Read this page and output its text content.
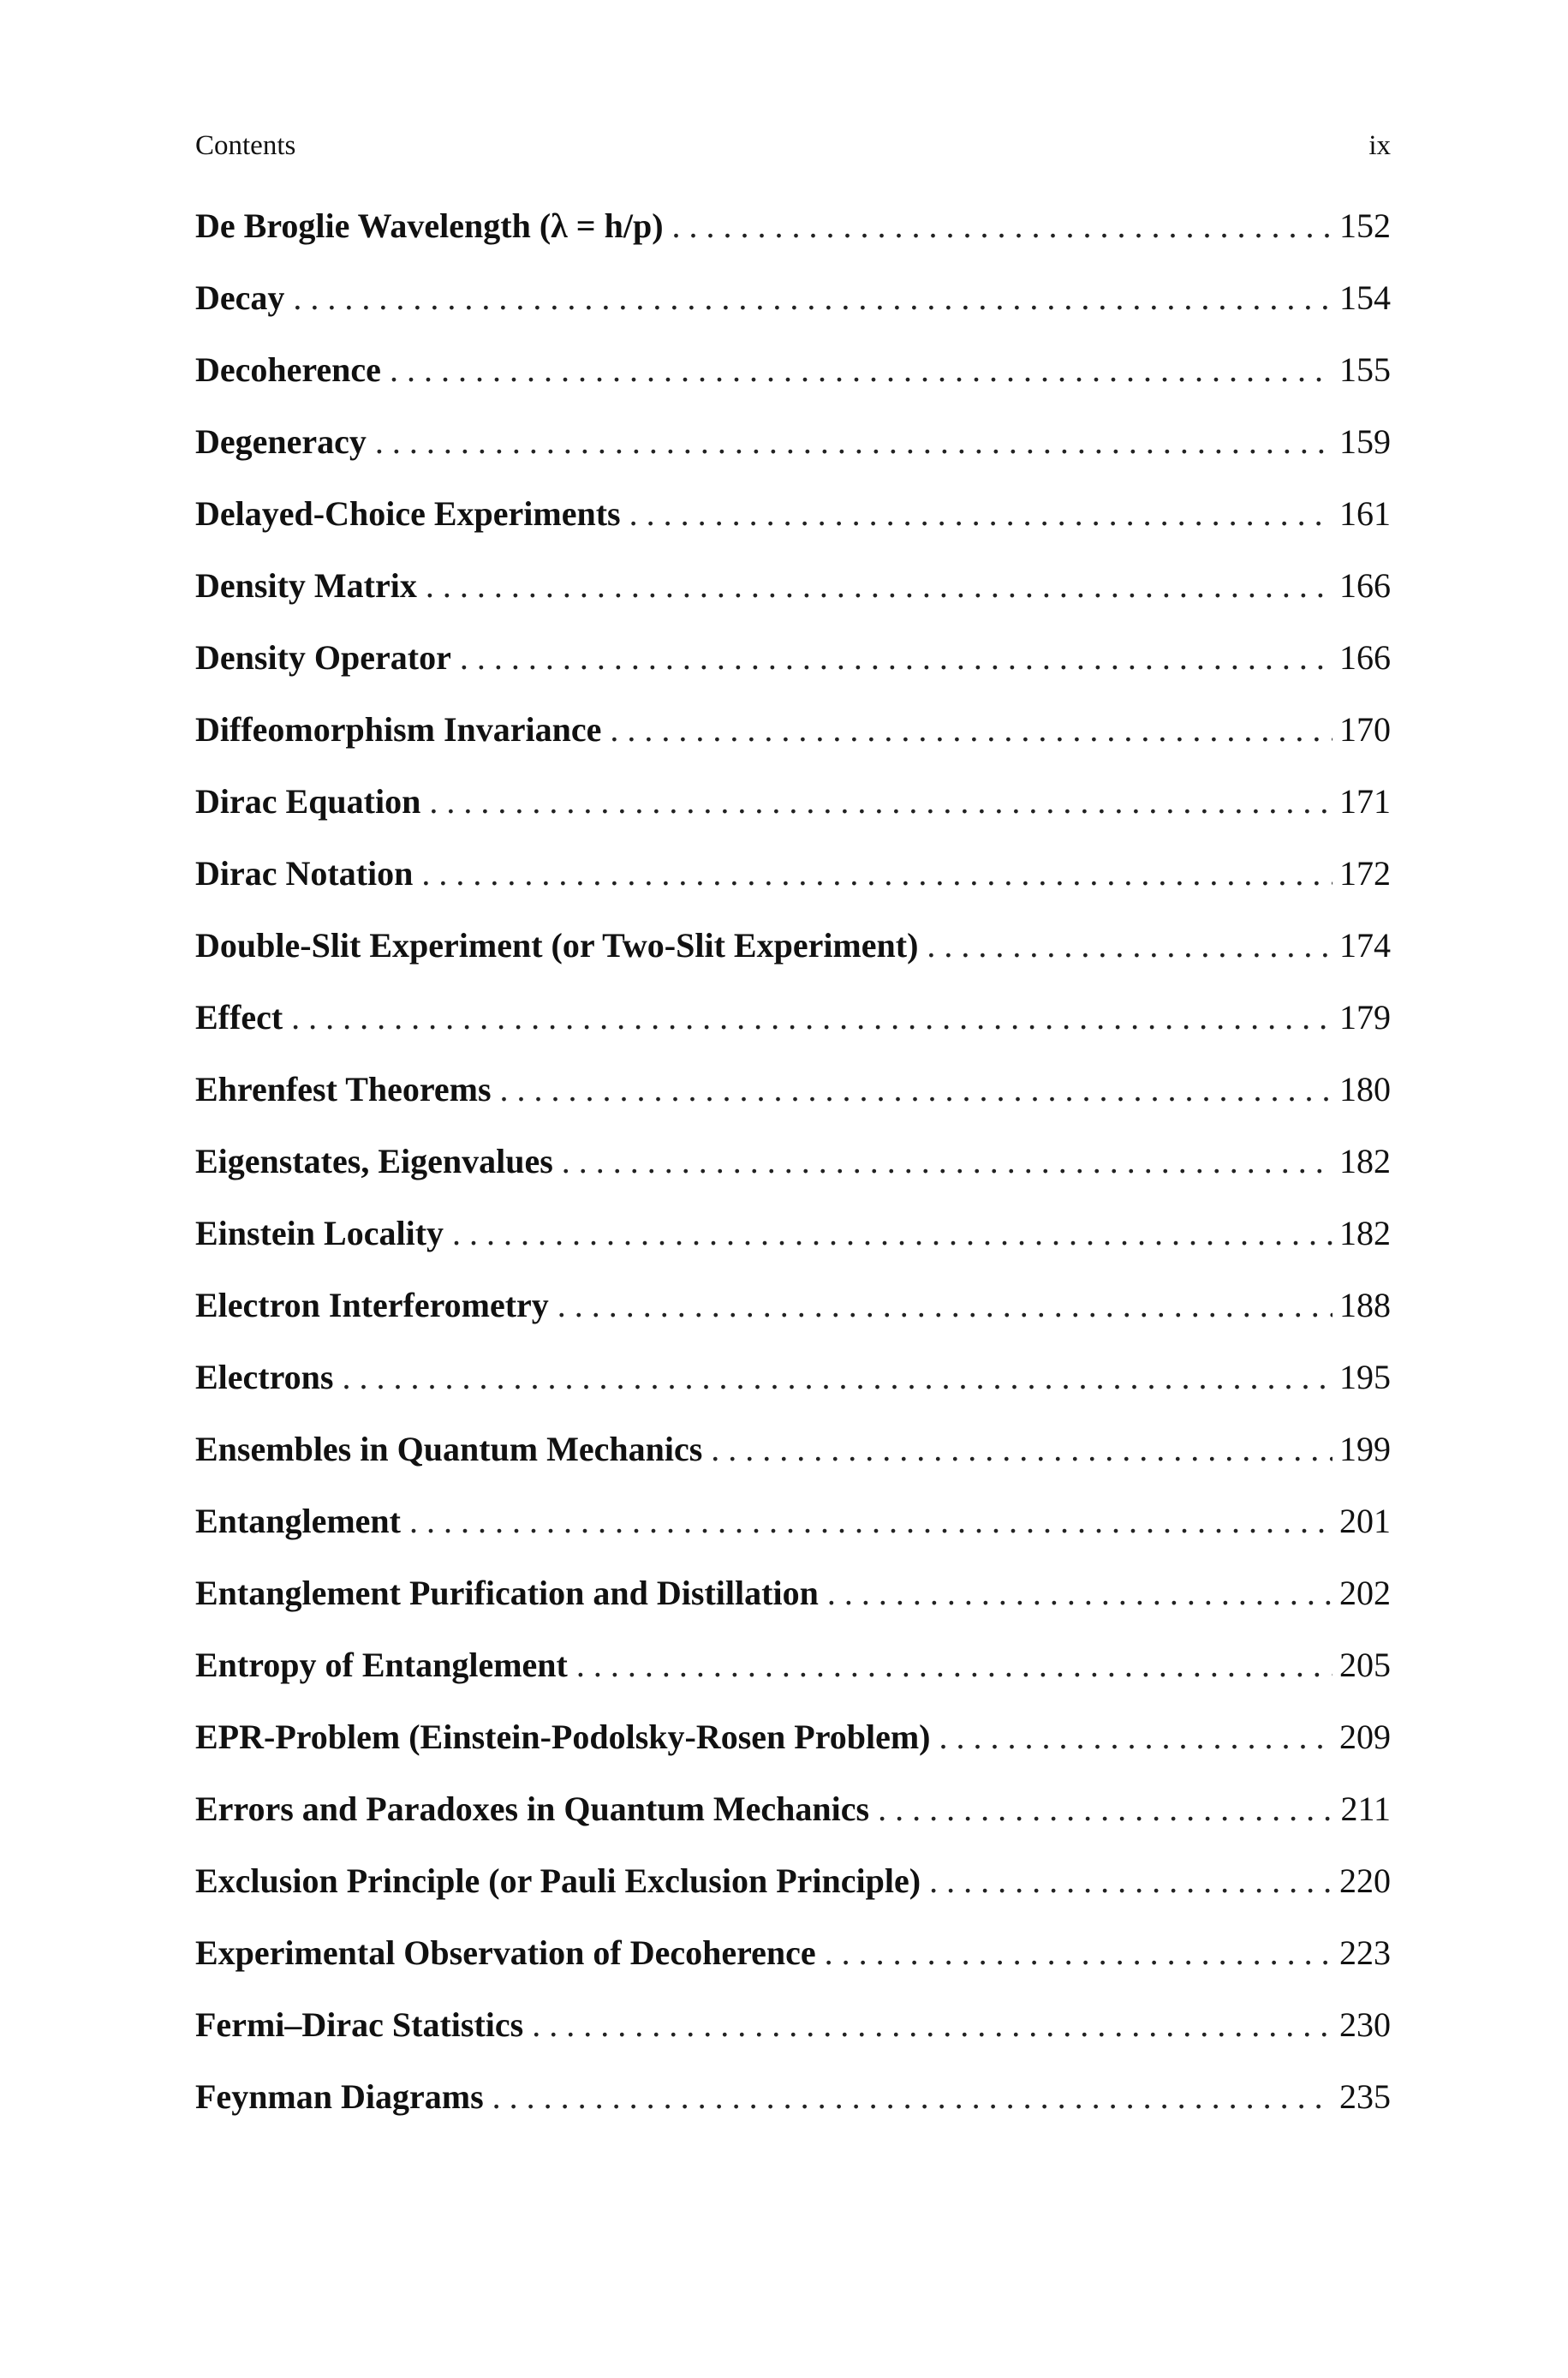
Contents	ix
De Broglie Wavelength (λ = h/p) . . .	152
Decay . . .	154
Decoherence . . .	155
Degeneracy . . .	159
Delayed-Choice Experiments . . .	161
Density Matrix . . .	166
Density Operator . . .	166
Diffeomorphism Invariance . . .	170
Dirac Equation . . .	171
Dirac Notation . . .	172
Double-Slit Experiment (or Two-Slit Experiment) . . .	174
Effect . . .	179
Ehrenfest Theorems . . .	180
Eigenstates, Eigenvalues . . .	182
Einstein Locality . . .	182
Electron Interferometry . . .	188
Electrons . . .	195
Ensembles in Quantum Mechanics . . .	199
Entanglement . . .	201
Entanglement Purification and Distillation . . .	202
Entropy of Entanglement . . .	205
EPR-Problem (Einstein-Podolsky-Rosen Problem) . . .	209
Errors and Paradoxes in Quantum Mechanics . . .	211
Exclusion Principle (or Pauli Exclusion Principle) . . .	220
Experimental Observation of Decoherence . . .	223
Fermi–Dirac Statistics . . .	230
Feynman Diagrams . . .	235
